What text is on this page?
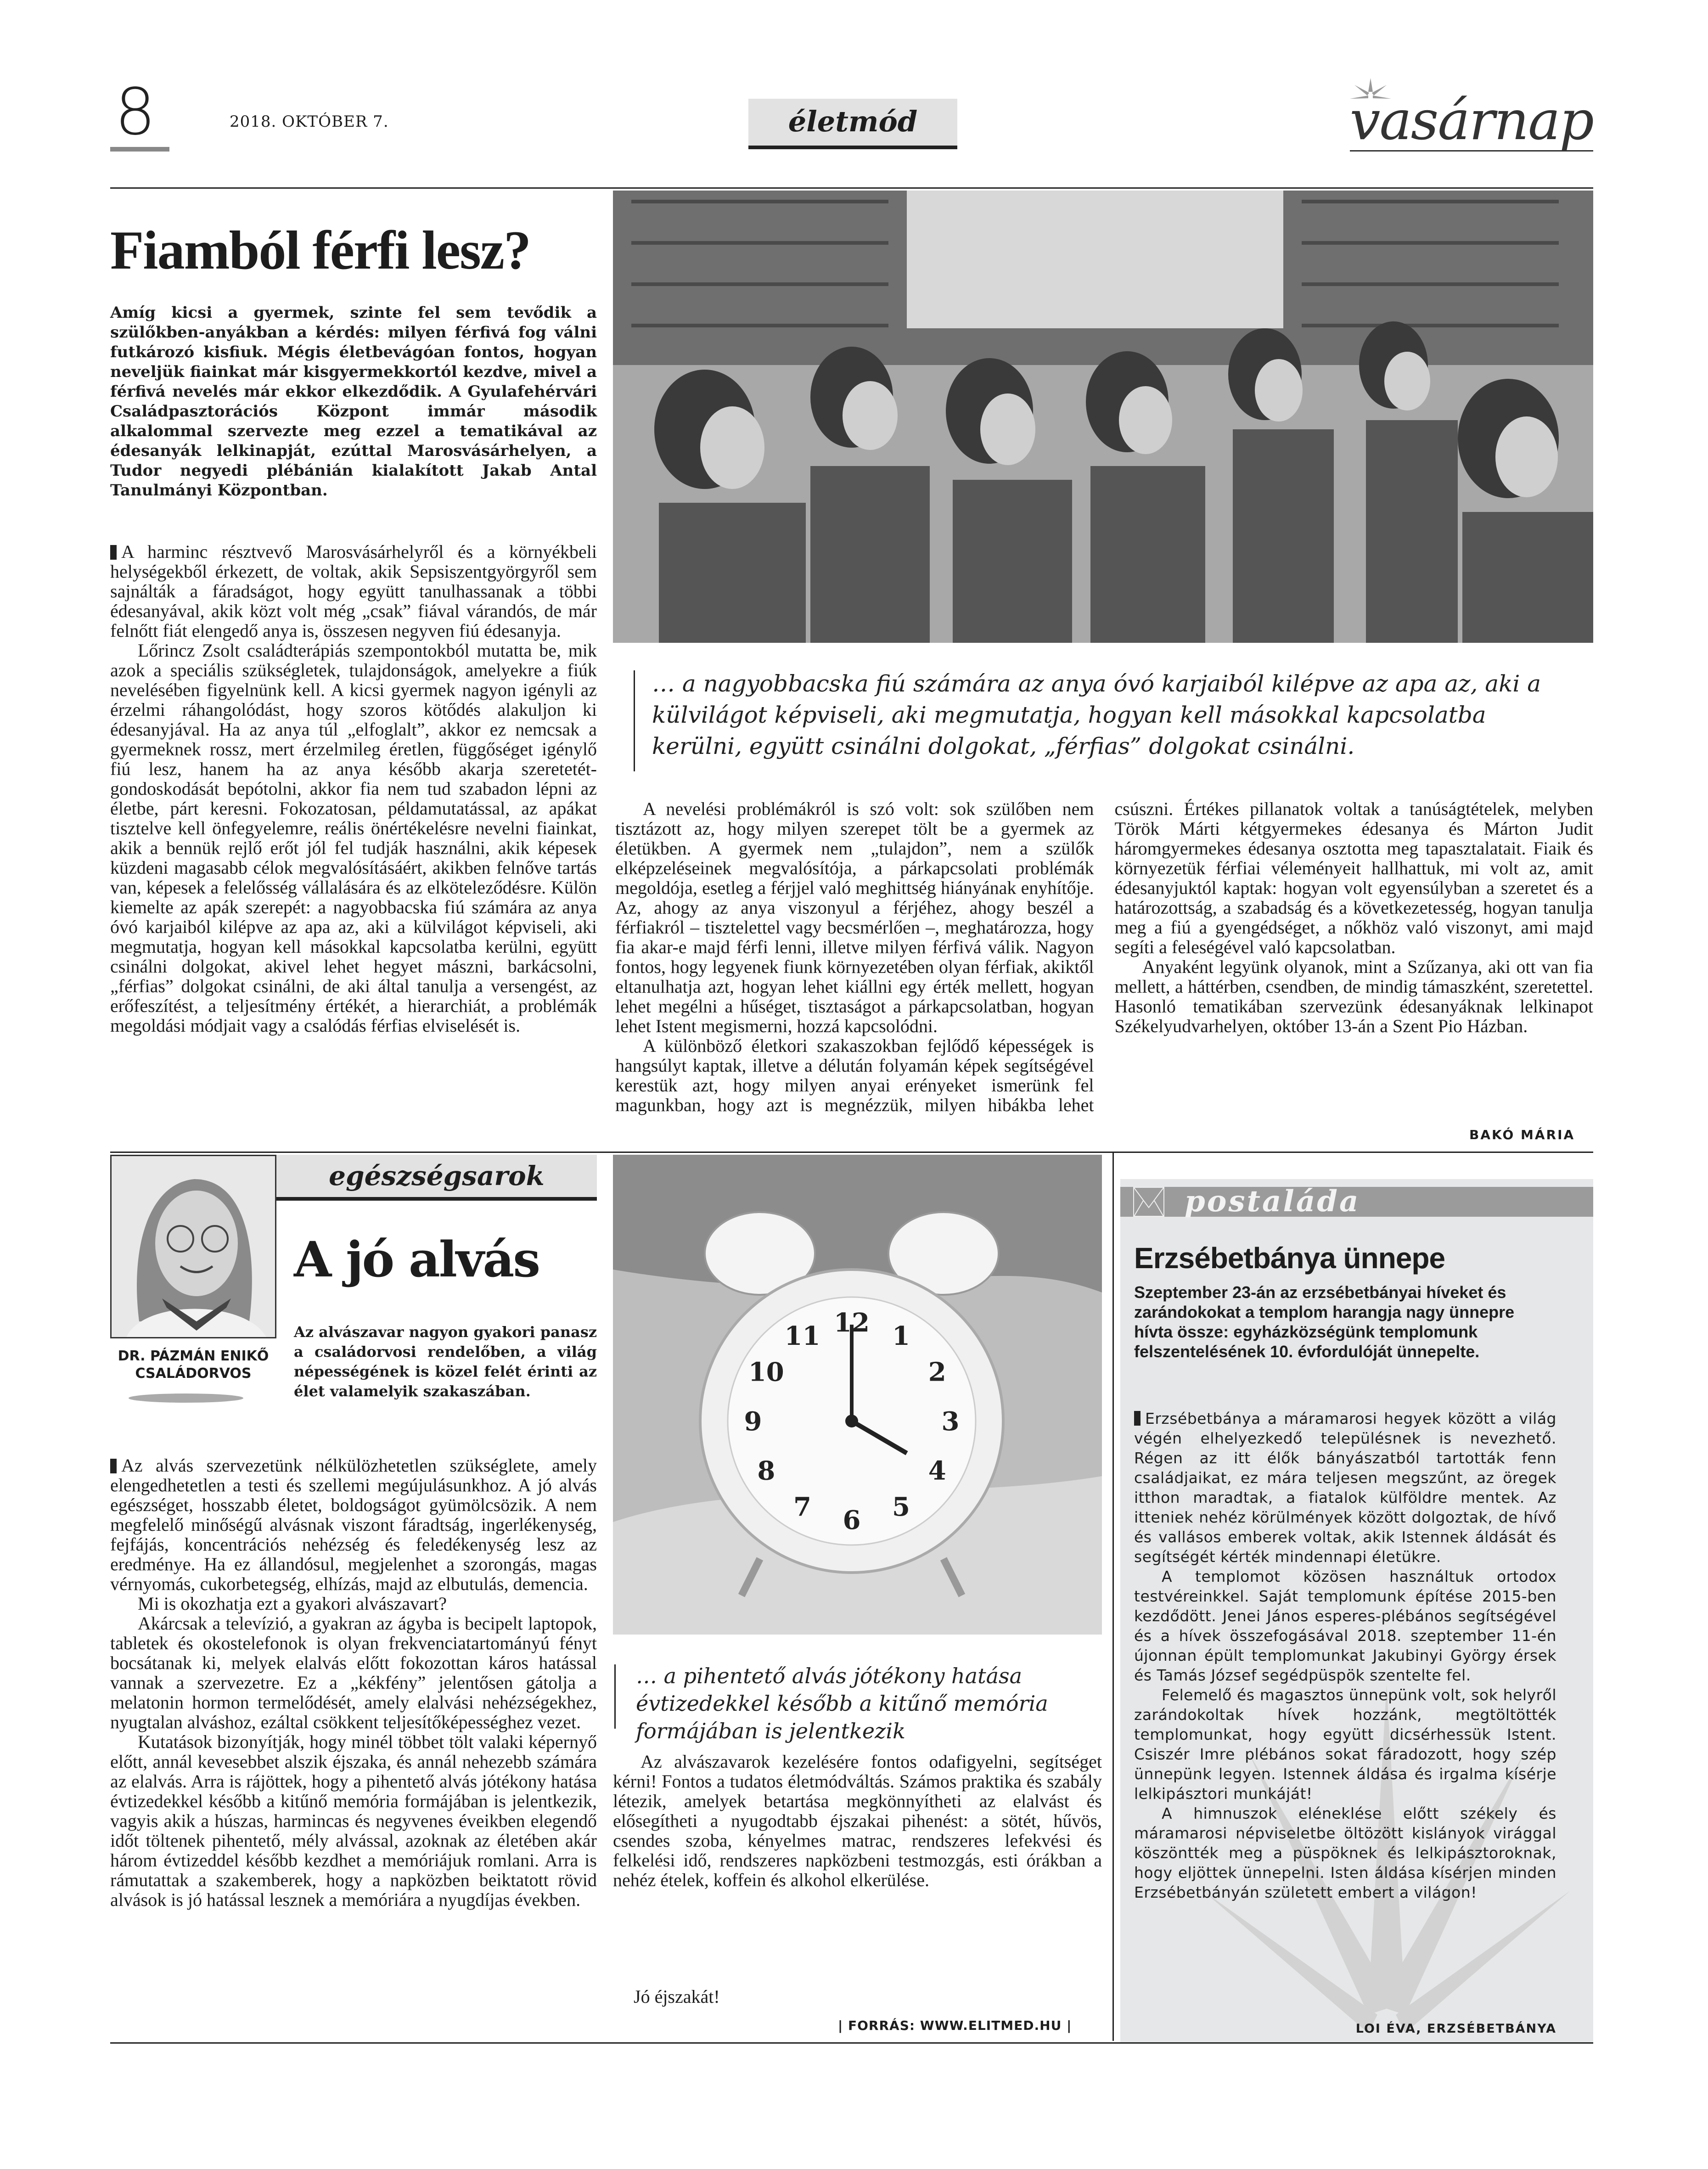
8	2018. OKTÓBER 7.	életmód	vasárnap
Fiamból férfi lesz?
Amíg kicsi a gyermek, szinte fel sem tevődik a szülőkben-anyákban a kérdés: milyen férfivá fog válni futkározó kisfiuk. Mégis életbevágóan fontos, hogyan neveljük fiainkat már kisgyermekkortól kezdve, mivel a férfivá nevelés már ekkor elkezdődik. A Gyulafehérvári Családpasztorációs Központ immár második alkalommal szervezte meg ezzel a tematikával az édesanyák lelkinapját, ezúttal Marosvásárhelyen, a Tudor negyedi plébánián kialakított Jakab Antal Tanulmányi Központban.

A harminc résztvevő Marosvásárhelyről és a környékbeli helységekből érkezett, de voltak, akik Sepsiszentgyörgyről sem sajnálták a fáradságot, hogy együtt tanulhassanak a többi édesanyával, akik közt volt még „csak” fiával várandós, de már felnőtt fiát elengedő anya is, összesen negyven fiú édesanyja.

Lőrincz Zsolt családterápiás szempontokból mutatta be, mik azok a speciális szükségletek, tulajdonságok, amelyekre a fiúk nevelésében figyelnünk kell. A kicsi gyermek nagyon igényli az érzelmi ráhangolódást, hogy szoros kötődés alakuljon ki édesanyjával. Ha az anya túl „elfoglalt”, akkor ez nemcsak a gyermeknek rossz, mert érzelmileg éretlen, függőséget igénylő fiú lesz, hanem ha az anya később akarja szeretetét-gondoskodását bepótolni, akkor fia nem tud szabadon lépni az életbe, párt keresni. Fokozatosan, példamutatással, az apákat tisztelve kell önfegyelemre, reális önértékelésre nevelni fiainkat, akik a bennük rejlő erőt jól fel tudják használni, akik képesek küzdeni magasabb célok megvalósításáért, akikben felnőve tartás van, képesek a felelősség vállalására és az elköteleződésre. Külön kiemelte az apák szerepét: a nagyobbacska fiú számára az anya óvó karjaiból kilépve az apa az, aki a külvilágot képviseli, aki megmutatja, hogyan kell másokkal kapcsolatba kerülni, együtt csinálni dolgokat, akivel lehet hegyet mászni, barkácsolni, „férfias” dolgokat csinálni, de aki által tanulja a versengést, az erőfeszítést, a teljesítmény értékét, a hierarchiát, a problémák megoldási módjait vagy a csalódás férfias elviselését is.

… a nagyobbacska fiú számára az anya óvó karjaiból kilépve az apa az, aki a külvilágot képviseli, aki megmutatja, hogyan kell másokkal kapcsolatba kerülni, együtt csinálni dolgokat, „férfias” dolgokat csinálni.

A nevelési problémákról is szó volt: sok szülőben nem tisztázott az, hogy milyen szerepet tölt be a gyermek az életükben. A gyermek nem „tulajdon”, nem a szülők elképzeléseinek megvalósítója, a párkapcsolati problémák megoldója, esetleg a férjjel való meghittség hiányának enyhítője. Az, ahogy az anya viszonyul a férjéhez, ahogy beszél a férfiakról – tisztelettel vagy becsmérlően –, meghatározza, hogy fia akar-e majd férfi lenni, illetve milyen férfivá válik. Nagyon fontos, hogy legyenek fiunk környezetében olyan férfiak, akiktől eltanulhatja azt, hogyan lehet kiállni egy érték mellett, hogyan lehet megélni a hűséget, tisztaságot a párkapcsolatban, hogyan lehet Istent megismerni, hozzá kapcsolódni.

A különböző életkori szakaszokban fejlődő képességek is hangsúlyt kaptak, illetve a délután folyamán képek segítségével kerestük azt, hogy milyen anyai erényeket ismerünk fel magunkban, hogy azt is megnézzük, milyen hibákba lehet csúszni. Értékes pillanatok voltak a tanúságtételek, melyben Török Márti kétgyermekes édesanya és Márton Judit háromgyermekes édesanya osztotta meg tapasztalatait. Fiaik és környezetük férfiai véleményeit hallhattuk, mi volt az, amit édesanyjuktól kaptak: hogyan volt egyensúlyban a szeretet és a határozottság, a szabadság és a következetesség, hogyan tanulja meg a fiú a gyengédséget, a nőkhöz való viszonyt, ami majd segíti a feleségével való kapcsolatban.

Anyaként legyünk olyanok, mint a Szűzanya, aki ott van fia mellett, a háttérben, csendben, de mindig támaszként, szeretettel. Hasonló tematikában szervezünk édesanyáknak lelkinapot Székelyudvarhelyen, október 13-án a Szent Pio Házban.

BAKÓ MÁRIA
DR. PÁZMÁN ENIKŐ
CSALÁDORVOS
egészségsarok
A jó alvás
Az alvászavar nagyon gyakori panasz a családorvosi rendelőben, a világ népességének is közel felét érinti az élet valamelyik szakaszában.

Az alvás szervezetünk nélkülözhetetlen szükséglete, amely elengedhetetlen a testi és szellemi megújulásunkhoz. A jó alvás egészséget, hosszabb életet, boldogságot gyümölcsözik. A nem megfelelő minőségű alvásnak viszont fáradtság, ingerlékenység, fejfájás, koncentrációs nehézség és feledékenység lesz az eredménye. Ha ez állandósul, megjelenhet a szorongás, magas vérnyomás, cukorbetegség, elhízás, majd az elbutulás, demencia.

Mi is okozhatja ezt a gyakori alvászavart?

Akárcsak a televízió, a gyakran az ágyba is becipelt laptopok, tabletek és okostelefonok is olyan frekvenciatartományú fényt bocsátanak ki, melyek elalvás előtt fokozottan káros hatással vannak a szervezetre. Ez a „kékfény” jelentősen gátolja a melatonin hormon termelődését, amely elalvási nehézségekhez, nyugtalan alváshoz, ezáltal csökkent teljesítőképességhez vezet.

Kutatások bizonyítják, hogy minél többet tölt valaki képernyő előtt, annál kevesebbet alszik éjszaka, és annál nehezebb számára az elalvás. Arra is rájöttek, hogy a pihentető alvás jótékony hatása évtizedekkel később a kitűnő memória formájában is jelentkezik, vagyis akik a húszas, harmincas és negyvenes éveikben elegendő időt töltenek pihentető, mély alvással, azoknak az életében akár három évtizeddel később kezdhet a memóriájuk romlani. Arra is rámutattak a szakemberek, hogy a napközben beiktatott rövid alvások is jó hatással lesznek a memóriára a nyugdíjas években.

12 1
2
3
4
5
6
7
8
9
10
11
… a pihentető alvás jótékony hatása évtizedekkel később a kitűnő memória formájában is jelentkezik

Az alvászavarok kezelésére fontos odafigyelni, segítséget kérni! Fontos a tudatos életmódváltás. Számos praktika és szabály létezik, amelyek betartása megkönnyítheti az elalvást és elősegítheti a nyugodtabb éjszakai pihenést: a sötét, hűvös, csendes szoba, kényelmes matrac, rendszeres lefekvési és felkelési idő, rendszeres napközbeni testmozgás, esti órákban a nehéz ételek, koffein és alkohol elkerülése.

Jó éjszakát!
| FORRÁS: WWW.ELITMED.HU |
postaláda
Erzsébetbánya ünnepe
Szeptember 23-án az erzsébetbányai híveket és zarándokokat a templom harangja nagy ünnepre hívta össze: egyházközségünk templomunk felszentelésének 10. évfordulóját ünnepelte.

Erzsébetbánya a máramarosi hegyek között a világ végén elhelyezkedő településnek is nevezhető. Régen az itt élők bányászatból tartották fenn családjaikat, ez mára teljesen megszűnt, az öregek itthon maradtak, a fiatalok külföldre mentek. Az itteniek nehéz körülmények között dolgoztak, de hívő és vallásos emberek voltak, akik Istennek áldását és segítségét kérték mindennapi életükre.

A templomot közösen használtuk ortodox testvéreinkkel. Saját templomunk építése 2015-ben kezdődött. Jenei János esperes-plébános segítségével és a hívek összefogásával 2018. szeptember 11-én újonnan épült templomunkat Jakubinyi György érsek és Tamás József segédpüspök szentelte fel.

Felemelő és magasztos ünnepünk volt, sok helyről zarándokoltak hívek hozzánk, megtöltötték templomunkat, hogy együtt dicsérhessük Istent. Csiszér Imre plébános sokat fáradozott, hogy szép ünnepünk legyen. Istennek áldása és irgalma kísérje lelkipásztori munkáját!

A himnuszok eléneklése előtt székely és máramarosi népviseletbe öltözött kislányok virággal köszöntték meg a püspöknek és lelkipásztoroknak, hogy eljöttek ünnepelni. Isten áldása kísérjen minden Erzsébetbányán született embert a világon!

LOI ÉVA, ERZSÉBETBÁNYA
